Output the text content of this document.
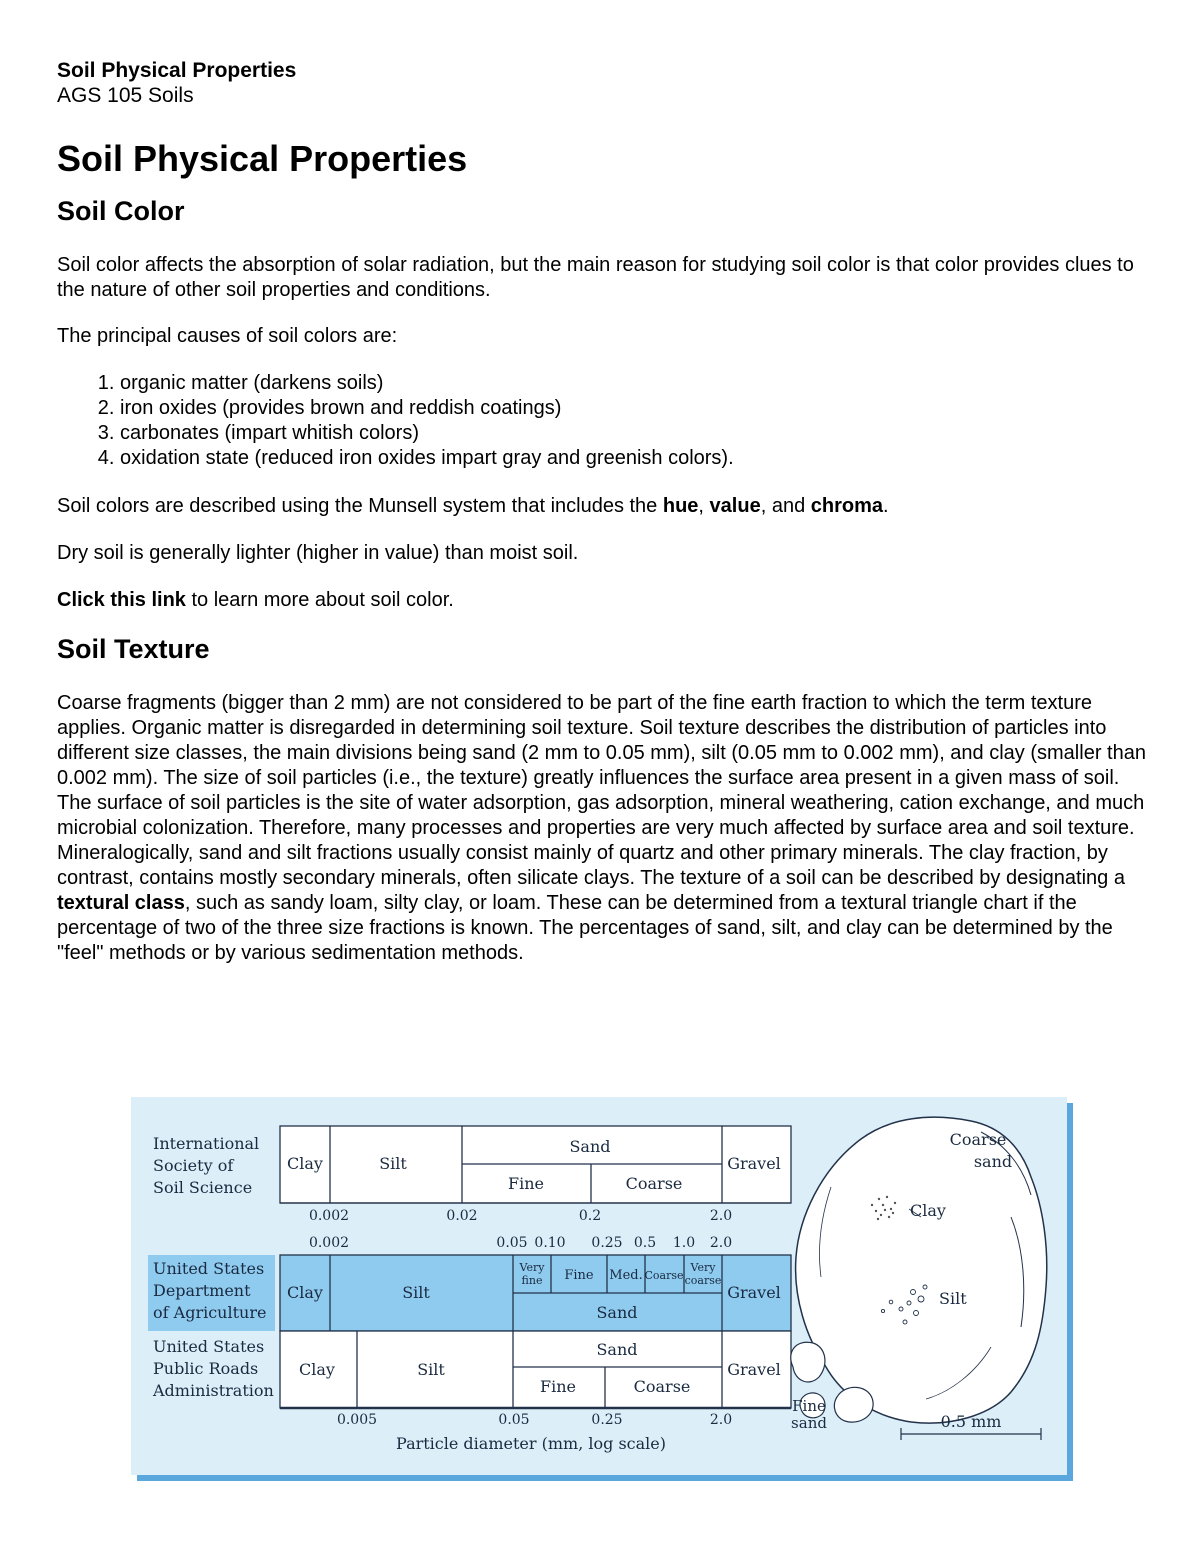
Soil Physical Properties

AGS 105 Soils

Soil Physical Properties
Soil Color

Soil color affects the absorption of solar radiation, but the main reason for studying soil color is that color provides clues to the nature of other soil properties and conditions.

The principal causes of soil colors are:

1. organic matter (darkens soils)
2. iron oxides (provides brown and reddish coatings)
3. carbonates (impart whitish colors)
4. oxidation state (reduced iron oxides impart gray and greenish colors).

Soil colors are described using the Munsell system that includes the hue, value, and chroma.

Dry soil is generally lighter (higher in value) than moist soil.

Click this link to learn more about soil color.

Soil Texture

Coarse fragments (bigger than 2 mm) are not considered to be part of the fine earth fraction to which the term texture applies. Organic matter is disregarded in determining soil texture. Soil texture describes the distribution of particles into different size classes, the main divisions being sand (2 mm to 0.05 mm), silt (0.05 mm to 0.002 mm), and clay (smaller than 0.002 mm). The size of soil particles (i.e., the texture) greatly influences the surface area present in a given mass of soil. The surface of soil particles is the site of water adsorption, gas adsorption, mineral weathering, cation exchange, and much microbial colonization. Therefore, many processes and properties are very much affected by surface area and soil texture. Mineralogically, sand and silt fractions usually consist mainly of quartz and other primary minerals. The clay fraction, by contrast, contains mostly secondary minerals, often silicate clays. The texture of a soil can be described by designating a textural class, such as sandy loam, silty clay, or loam. These can be determined from a textural triangle chart if the percentage of two of the three size fractions is known. The percentages of sand, silt, and clay can be determined by the "feel" methods or by various sedimentation methods.

International
Society of
Soil Science
Clay	Silt
Sand
Fine	Coarse
Gravel
0.002	0.02	0.2	2.0
0.002	0.05 0.10 0.25 0.5 1.0 2.0
United States
Department
of Agriculture
Clay	Silt
Very
fine Fine Med. Coarse
Very
coarse
Sand
Gravel
United States
Public Roads
Administration
Clay	Silt
Sand
Fine	Coarse
Gravel
0.005	0.05	0.25	2.0
Particle diameter (mm, log scale)
Coarse
sand
Clay
Silt
Fine
sand	0.5 mm
